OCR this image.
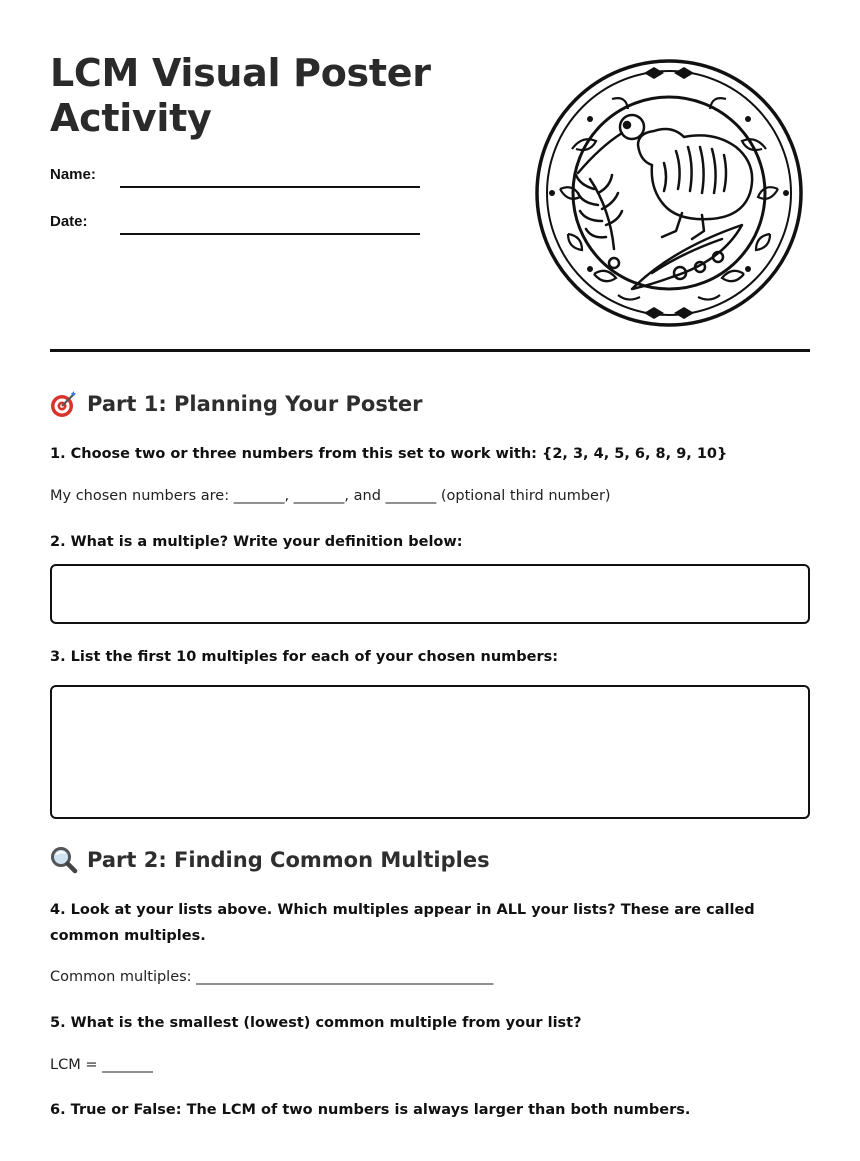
LCM Visual Poster
Activity
Name:
Date:
Part 1: Planning Your Poster
1. Choose two or three numbers from this set to work with: {2, 3, 4, 5, 6, 8, 9, 10}
My chosen numbers are: _______, _______, and _______ (optional third number)
2. What is a multiple? Write your definition below:
3. List the first 10 multiples for each of your chosen numbers:
Part 2: Finding Common Multiples
4. Look at your lists above. Which multiples appear in ALL your lists? These are called common multiples.
Common multiples: _________________________________________
5. What is the smallest (lowest) common multiple from your list?
LCM = _______
6. True or False: The LCM of two numbers is always larger than both numbers.
